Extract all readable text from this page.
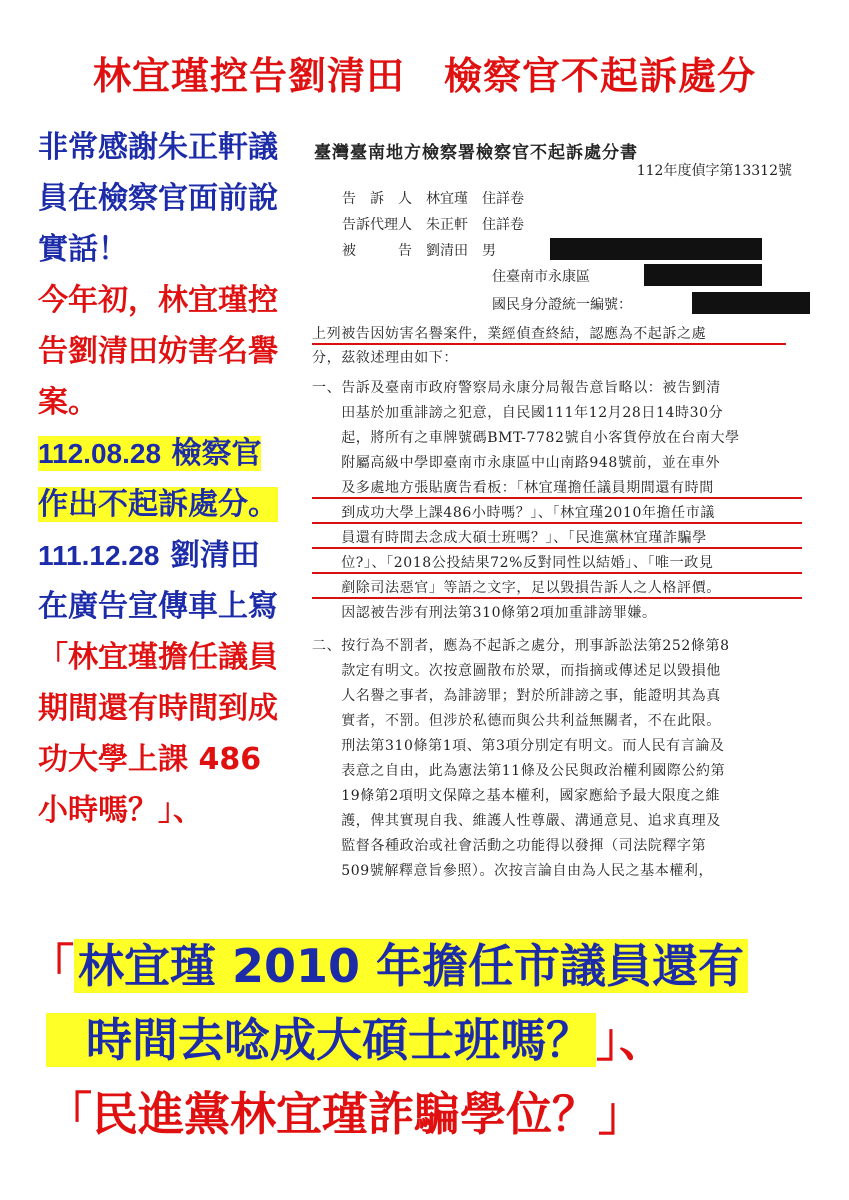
林宜瑾控告劉清田　檢察官不起訴處分

非常感謝朱正軒議員在檢察官面前說實話！

今年初，林宜瑾控告劉清田妨害名譽案。

112.08.28 檢察官作出不起訴處分。

111.12.28 劉清田在廣告宣傳車上寫「林宜瑾擔任議員期間還有時間到成功大學上課 486 小時嗎？」、

臺灣臺南地方檢察署檢察官不起訴處分書
112年度偵字第13312號
告　訴　人　 林宜瑾　 住詳卷
告訴代理人　 朱正軒　 住詳卷
被　　　告　 劉清田　 男
住臺南市永康區
國民身分證統一編號：
上列被告因妨害名譽案件，業經偵查終結，認應為不起訴之處
分，茲敘述理由如下：
一、告訴及臺南市政府警察局永康分局報告意旨略以：被告劉清
　　田基於加重誹謗之犯意，自民國111年12月28日14時30分
　　起，將所有之車牌號碼BMT-7782號自小客貨停放在台南大學
　　附屬高級中學即臺南市永康區中山南路948號前，並在車外
　　及多處地方張貼廣告看板：「林宜瑾擔任議員期間還有時間
　　到成功大學上課486小時嗎？」、「林宜瑾2010年擔任市議
　　員還有時間去念成大碩士班嗎？」、「民進黨林宜瑾詐騙學
　　位?」、「2018公投結果72%反對同性以結婚」、「唯一政見
　　剷除司法惡官」等語之文字，足以毀損告訴人之人格評價。
　　因認被告涉有刑法第310條第2項加重誹謗罪嫌。
二、按行為不罰者，應為不起訴之處分，刑事訴訟法第252條第8
　　款定有明文。次按意圖散布於眾，而指摘或傳述足以毀損他
　　人名譽之事者，為誹謗罪；對於所誹謗之事，能證明其為真
　　實者，不罰。但涉於私德而與公共利益無關者，不在此限。
　　刑法第310條第1項、第3項分別定有明文。而人民有言論及
　　表意之自由，此為憲法第11條及公民與政治權利國際公約第
　　19條第2項明文保障之基本權利，國家應給予最大限度之維
　　護，俾其實現自我、維護人性尊嚴、溝通意見、追求真理及
　　監督各種政治或社會活動之功能得以發揮（司法院釋字第
　　509號解釋意旨參照）。次按言論自由為人民之基本權利，
「林宜瑾 2010 年擔任市議員還有
時間去唸成大碩士班嗎？」、
「民進黨林宜瑾詐騙學位？」
